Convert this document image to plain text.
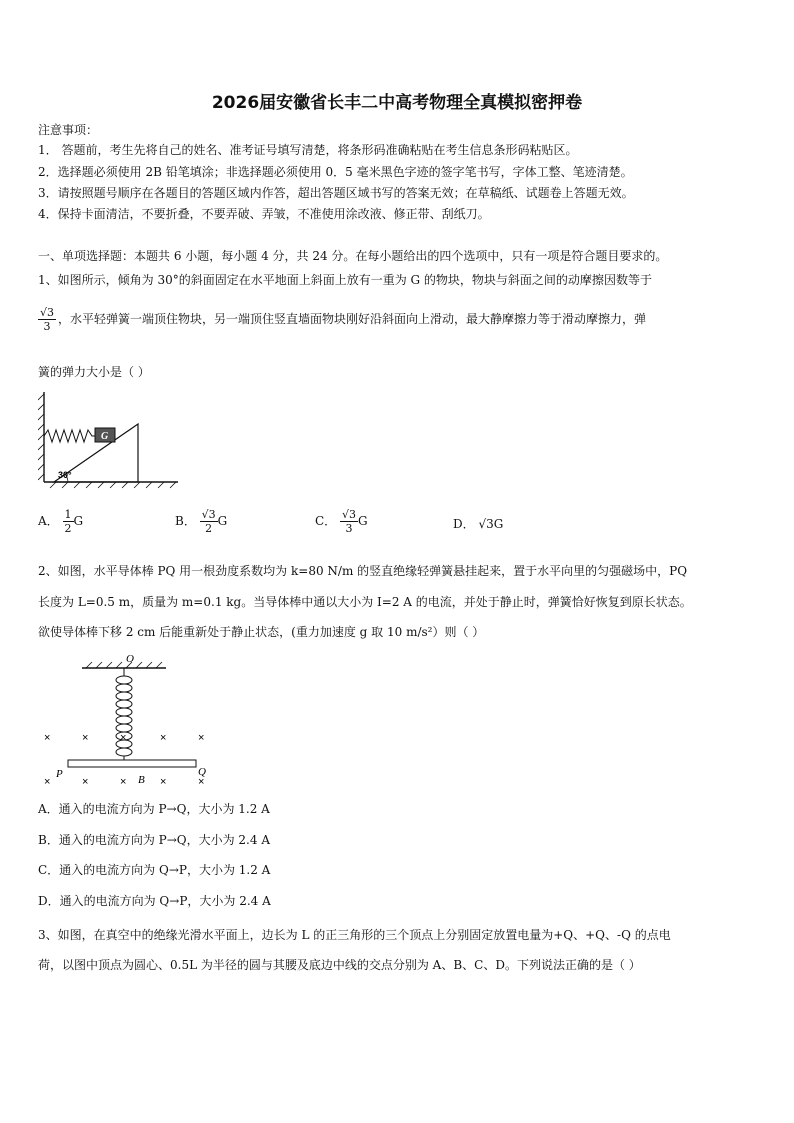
2026届安徽省长丰二中高考物理全真模拟密押卷
注意事项：
1． 答题前，考生先将自己的姓名、准考证号填写清楚，将条形码准确粘贴在考生信息条形码粘贴区。
2．选择题必须使用 2B 铅笔填涂；非选择题必须使用 0．5 毫米黑色字迹的签字笔书写，字体工整、笔迹清楚。
3．请按照题号顺序在各题目的答题区域内作答，超出答题区域书写的答案无效；在草稿纸、试题卷上答题无效。
4．保持卡面清洁，不要折叠，不要弄破、弄皱，不准使用涂改液、修正带、刮纸刀。
一、单项选择题：本题共 6 小题，每小题 4 分，共 24 分。在每小题给出的四个选项中，只有一项是符合题目要求的。
1、如图所示，倾角为 30°的斜面固定在水平地面上斜面上放有一重为 G 的物块，物块与斜面之间的动摩擦因数等于
$\frac{√3}{3}$ ，水平轻弹簧一端顶住物块，另一端顶住竖直墙面物块刚好沿斜面向上滑动，最大静摩擦力等于滑动摩擦力，弹
簧的弹力大小是（ ）
G
30°
A． $\frac{1}{2}$ G	B． $\frac{√3}{2}$ G	C． $\frac{√3}{3}$ G	D． √3G
2、如图，水平导体棒 PQ 用一根劲度系数均为 k=80 N/m 的竖直绝缘轻弹簧悬挂起来，置于水平向里的匀强磁场中，PQ
长度为 L=0.5 m，质量为 m=0.1 kg。当导体棒中通以大小为 I=2 A 的电流，并处于静止时，弹簧恰好恢复到原长状态。
欲使导体棒下移 2 cm 后能重新处于静止状态，(重力加速度 g 取 10 m/s²）则（ ）
O
×	×	×	×	×
×	×	×	×	×
P	Q
B
A．通入的电流方向为 P→Q，大小为 1.2 A
B．通入的电流方向为 P→Q，大小为 2.4 A
C．通入的电流方向为 Q→P，大小为 1.2 A
D．通入的电流方向为 Q→P，大小为 2.4 A
3、如图，在真空中的绝缘光滑水平面上，边长为 L 的正三角形的三个顶点上分别固定放置电量为+Q、+Q、-Q 的点电
荷，以图中顶点为圆心、0.5L 为半径的圆与其腰及底边中线的交点分别为 A、B、C、D。下列说法正确的是（ ）
